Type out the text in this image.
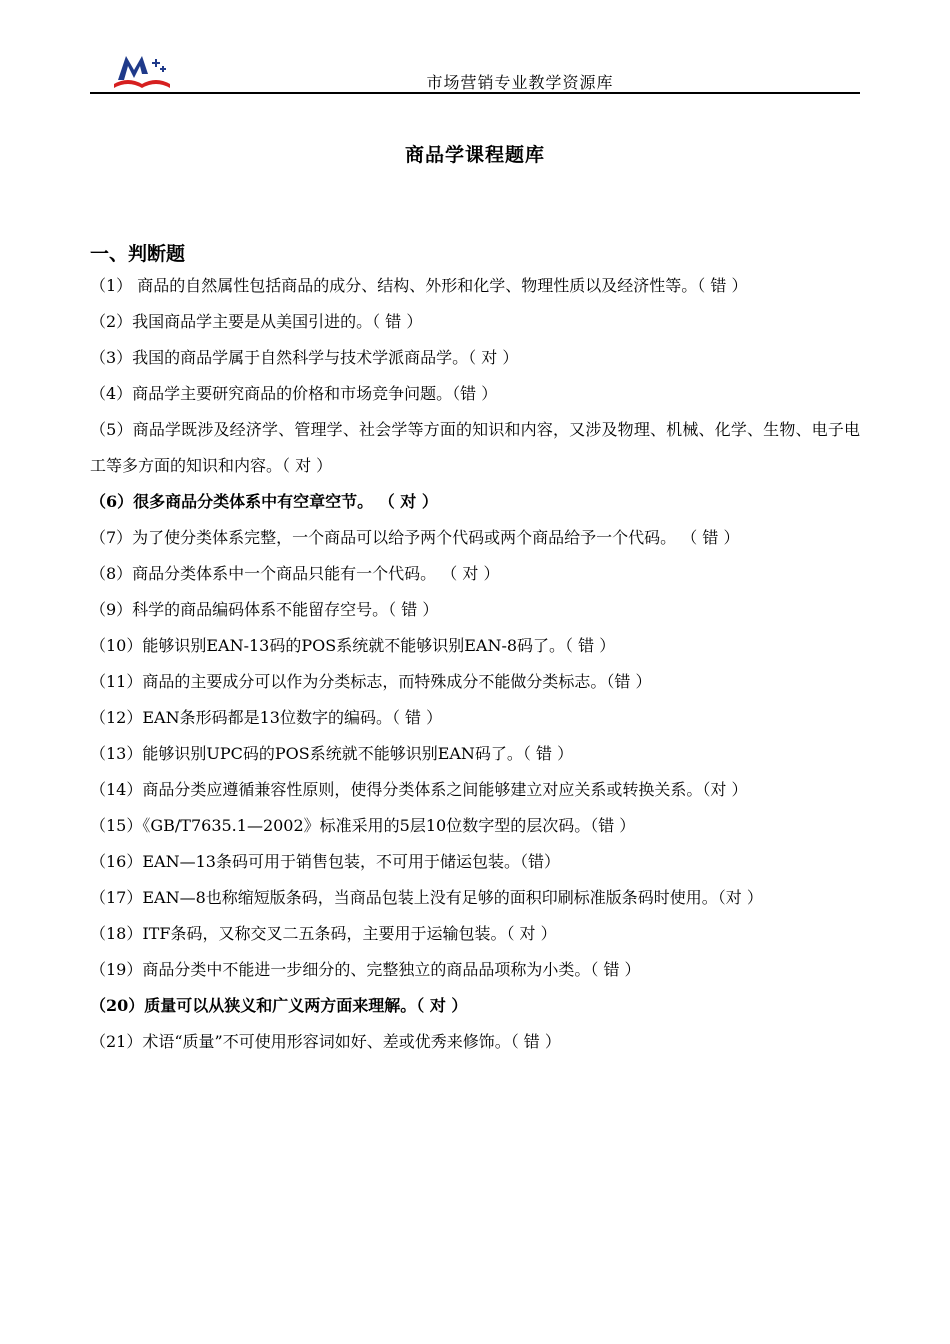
市场营销专业教学资源库
商品学课程题库
一、判断题

（1） 商品的自然属性包括商品的成分、结构、外形和化学、物理性质以及经济性等。（ 错 ）

（2）我国商品学主要是从美国引进的。（ 错 ）

（3）我国的商品学属于自然科学与技术学派商品学。（ 对 ）

（4）商品学主要研究商品的价格和市场竞争问题。（错 ）

（5）商品学既涉及经济学、管理学、社会学等方面的知识和内容，又涉及物理、机械、化学、生物、电子电工等多方面的知识和内容。（ 对 ）

（6）很多商品分类体系中有空章空节。 （ 对 ）

（7）为了使分类体系完整，一个商品可以给予两个代码或两个商品给予一个代码。 （ 错 ）

（8）商品分类体系中一个商品只能有一个代码。 （ 对 ）

（9）科学的商品编码体系不能留存空号。（ 错 ）

（10）能够识别EAN-13码的POS系统就不能够识别EAN-8码了。（ 错 ）

（11）商品的主要成分可以作为分类标志，而特殊成分不能做分类标志。（错 ）

（12）EAN条形码都是13位数字的编码。（ 错 ）

（13）能够识别UPC码的POS系统就不能够识别EAN码了。（ 错 ）

（14）商品分类应遵循兼容性原则，使得分类体系之间能够建立对应关系或转换关系。（对 ）

（15）《GB/T7635.1—2002》标准采用的5层10位数字型的层次码。（错 ）

（16）EAN—13条码可用于销售包装，不可用于储运包装。（错）

（17）EAN—8也称缩短版条码，当商品包装上没有足够的面积印刷标准版条码时使用。（对 ）

（18）ITF条码，又称交叉二五条码，主要用于运输包装。（ 对 ）

（19）商品分类中不能进一步细分的、完整独立的商品品项称为小类。（ 错 ）

（20）质量可以从狭义和广义两方面来理解。（ 对 ）

（21）术语“质量”不可使用形容词如好、差或优秀来修饰。（ 错 ）
